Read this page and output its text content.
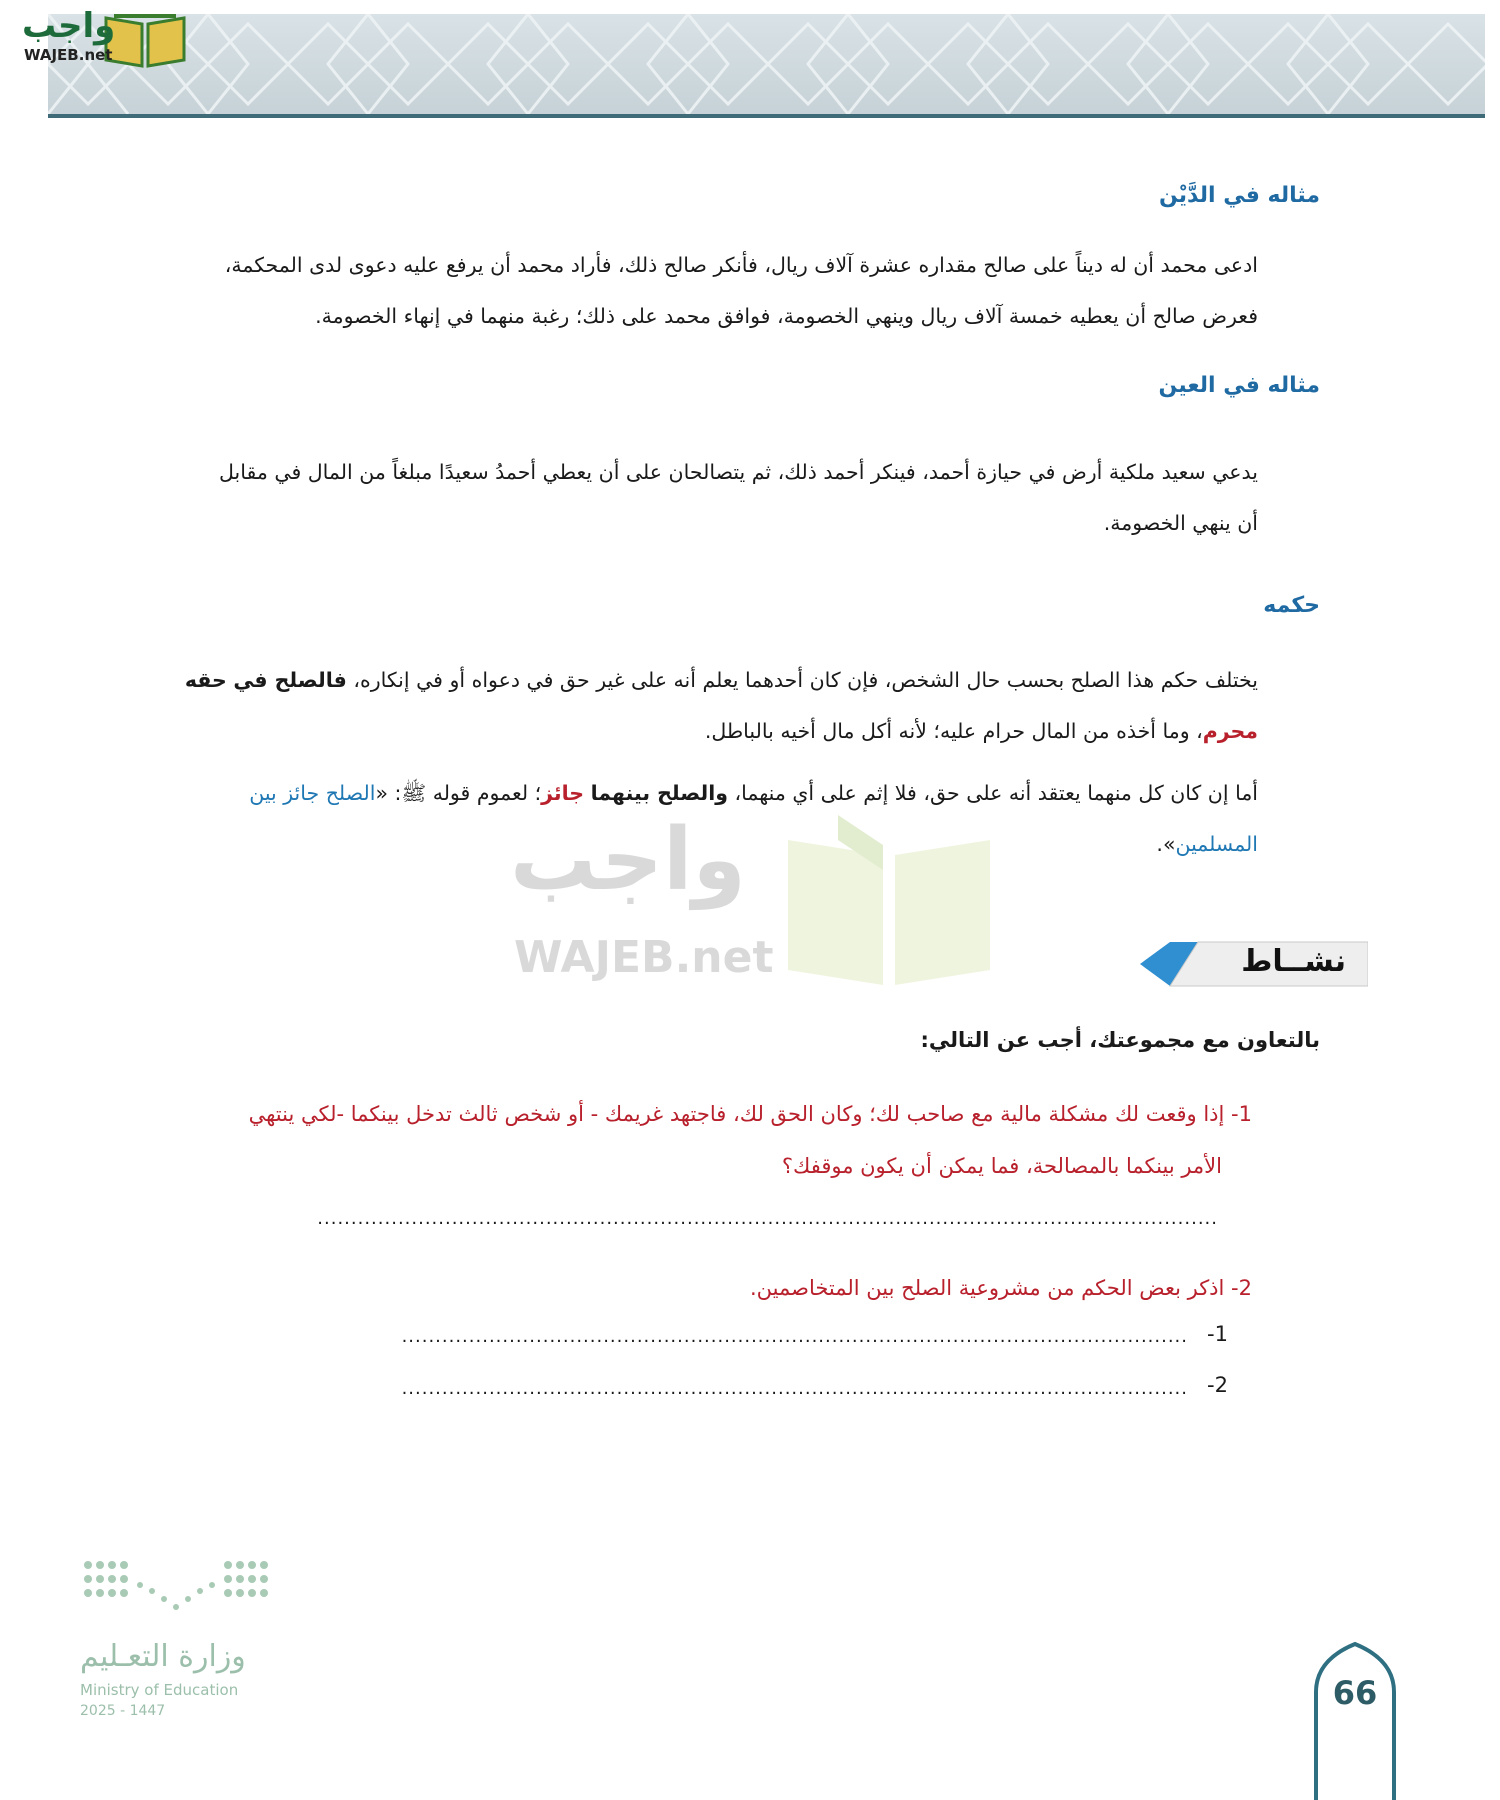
واجب
WAJEB.net
مثاله في الدَّيْن
ادعى محمد أن له ديناً على صالح مقداره عشرة آلاف ريال، فأنكر صالح ذلك، فأراد محمد أن يرفع عليه دعوى لدى المحكمة،
فعرض صالح أن يعطيه خمسة آلاف ريال وينهي الخصومة، فوافق محمد على ذلك؛ رغبة منهما في إنهاء الخصومة.
مثاله في العين
يدعي سعيد ملكية أرض في حيازة أحمد، فينكر أحمد ذلك، ثم يتصالحان على أن يعطي أحمدُ سعيدًا مبلغاً من المال في مقابل
أن ينهي الخصومة.
حكمه
يختلف حكم هذا الصلح بحسب حال الشخص، فإن كان أحدهما يعلم أنه على غير حق في دعواه أو في إنكاره، فالصلح في حقه محرم، وما أخذه من المال حرام عليه؛ لأنه أكل مال أخيه بالباطل.
أما إن كان كل منهما يعتقد أنه على حق، فلا إثم على أي منهما، والصلح بينهما جائز؛ لعموم قوله ﷺ: «الصلح جائز بين المسلمين».
واجب
WAJEB.net	نشــاط
بالتعاون مع مجموعتك، أجب عن التالي:
1- إذا وقعت لك مشكلة مالية مع صاحب لك؛ وكان الحق لك، فاجتهد غريمك - أو شخص ثالث تدخل بينكما -لكي ينتهي
الأمر بينكما بالمصالحة، فما يمكن أن يكون موقفك؟
......................................................................................................................................
2- اذكر بعض الحكم من مشروعية الصلح بين المتخاصمين.
1-
.....................................................................................................................
2-
.....................................................................................................................
وزارة التعـليم
Ministry of Education
2025 - 1447	66
